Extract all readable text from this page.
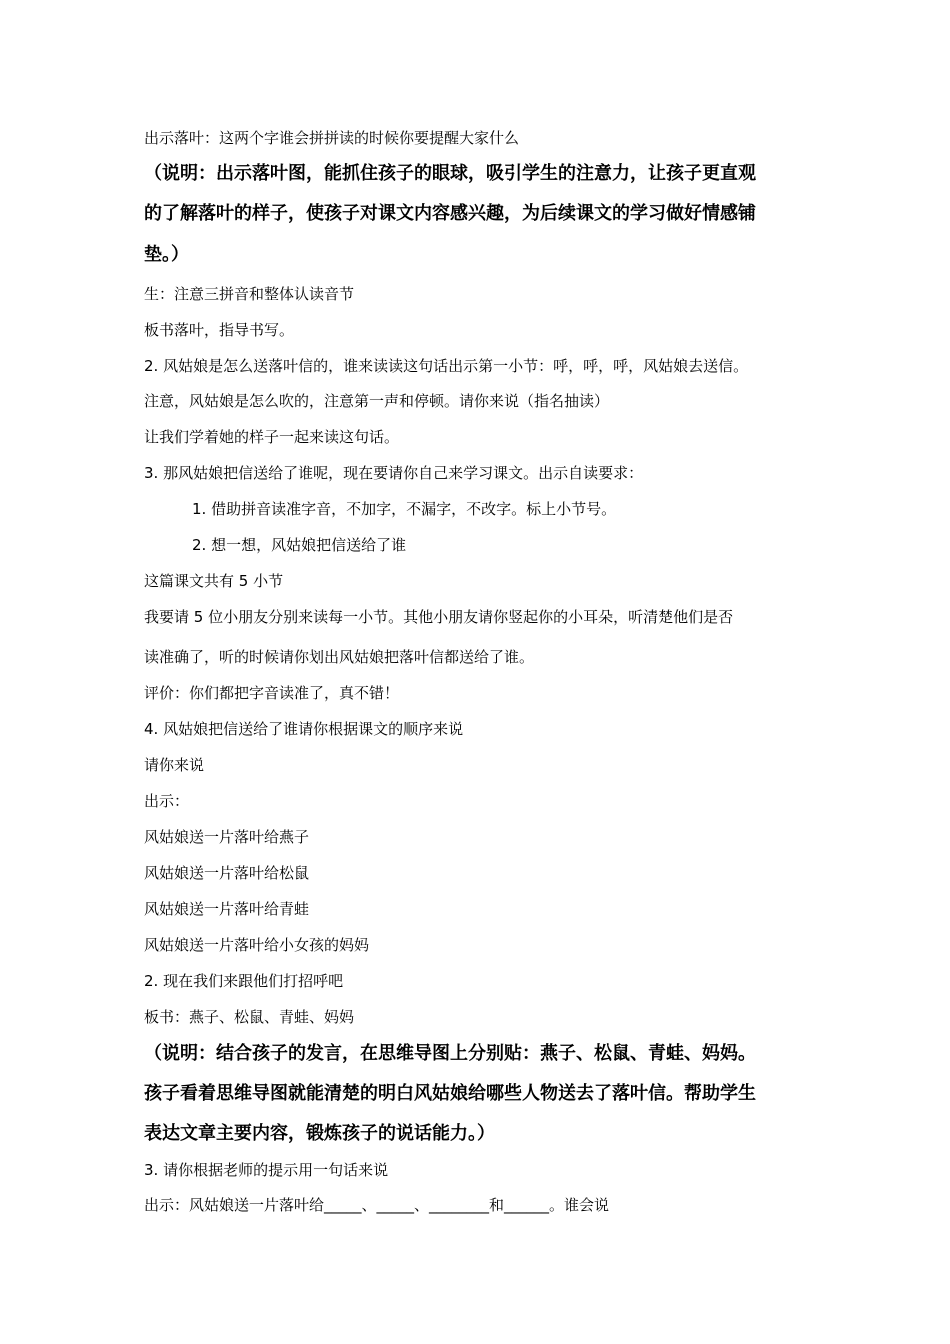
出示落叶：这两个字谁会拼拼读的时候你要提醒大家什么
（说明：出示落叶图，能抓住孩子的眼球，吸引学生的注意力，让孩子更直观
的了解落叶的样子，使孩子对课文内容感兴趣，为后续课文的学习做好情感铺
垫。）
生：注意三拼音和整体认读音节
板书落叶，指导书写。
2. 风姑娘是怎么送落叶信的，谁来读读这句话出示第一小节：呼，呼，呼，风姑娘去送信。
注意，风姑娘是怎么吹的，注意第一声和停顿。请你来说（指名抽读）
让我们学着她的样子一起来读这句话。
3. 那风姑娘把信送给了谁呢，现在要请你自己来学习课文。出示自读要求：
1. 借助拼音读准字音，不加字，不漏字，不改字。标上小节号。
2. 想一想，风姑娘把信送给了谁
这篇课文共有 5 小节
我要请 5 位小朋友分别来读每一小节。其他小朋友请你竖起你的小耳朵，听清楚他们是否
读准确了，听的时候请你划出风姑娘把落叶信都送给了谁。
评价：你们都把字音读准了，真不错！
4. 风姑娘把信送给了谁请你根据课文的顺序来说
请你来说
出示：
风姑娘送一片落叶给燕子
风姑娘送一片落叶给松鼠
风姑娘送一片落叶给青蛙
风姑娘送一片落叶给小女孩的妈妈
2. 现在我们来跟他们打招呼吧
板书：燕子、松鼠、青蛙、妈妈
（说明：结合孩子的发言，在思维导图上分别贴：燕子、松鼠、青蛙、妈妈。
孩子看着思维导图就能清楚的明白风姑娘给哪些人物送去了落叶信。帮助学生
表达文章主要内容，锻炼孩子的说话能力。）
3. 请你根据老师的提示用一句话来说
出示：风姑娘送一片落叶给_____、_____、________和______。谁会说
